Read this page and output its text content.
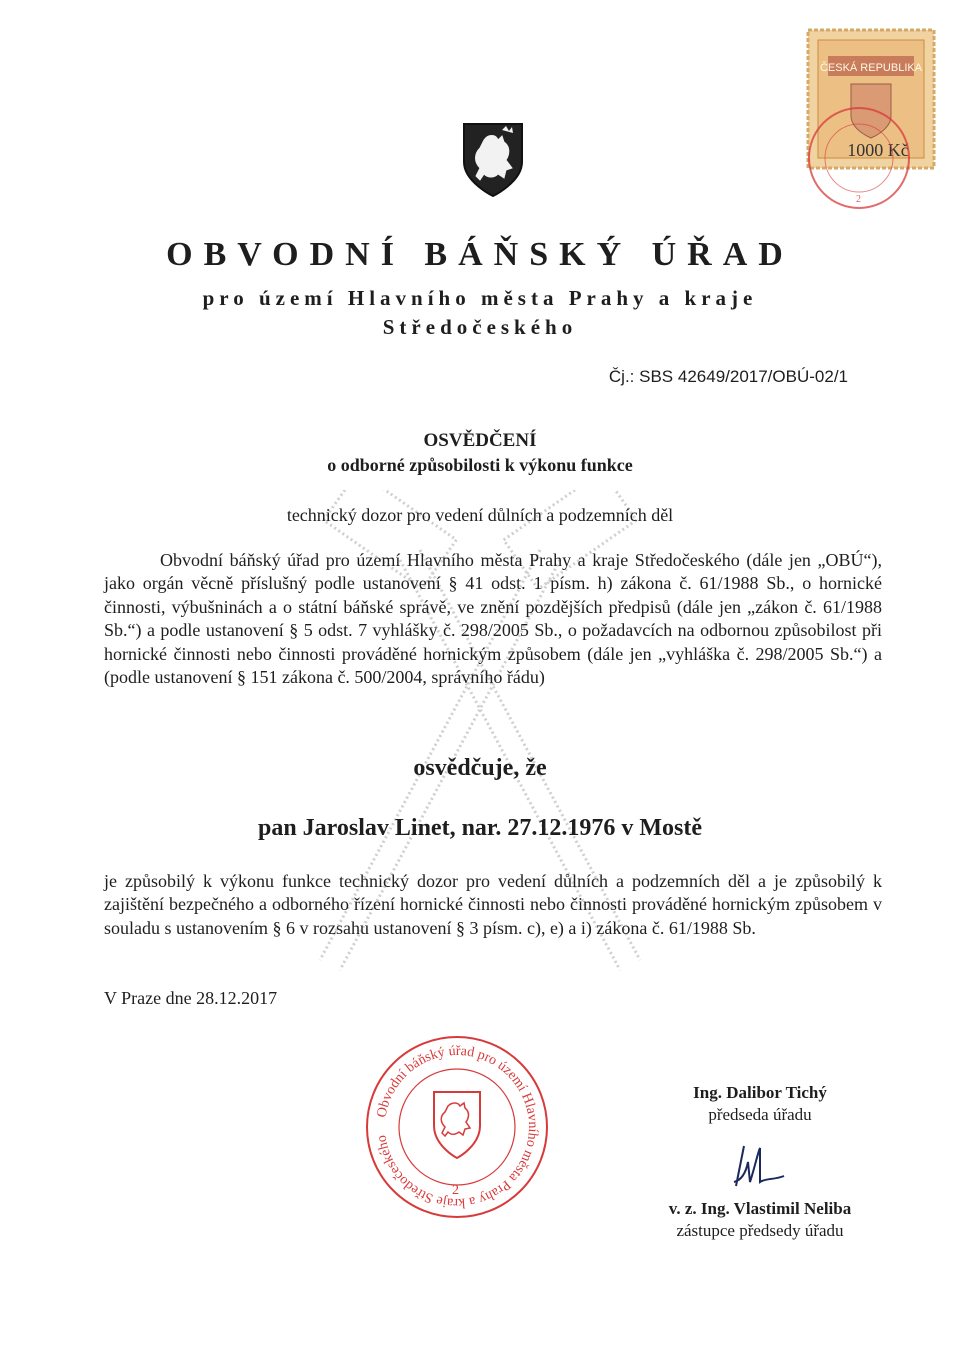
ČESKÁ REPUBLIKA
1000 Kč
2
OBVODNÍ BÁŇSKÝ ÚŘAD
pro území Hlavního města Prahy a kraje
Středočeského
Čj.: SBS 42649/2017/OBÚ-02/1
OSVĚDČENÍ
o odborné způsobilosti k výkonu funkce
technický dozor pro vedení důlních a podzemních děl
Obvodní báňský úřad pro území Hlavního města Prahy a kraje Středočeského (dále jen „OBÚ“), jako orgán věcně příslušný podle ustanovení § 41 odst. 1 písm. h) zákona č. 61/1988 Sb., o hornické činnosti, výbušninách a o státní báňské správě, ve znění pozdějších předpisů (dále jen „zákon č. 61/1988 Sb.“) a podle ustanovení § 5 odst. 7 vyhlášky č. 298/2005 Sb., o požadavcích na odbornou způsobilost při hornické činnosti nebo činnosti prováděné hornickým způsobem (dále jen „vyhláška č. 298/2005 Sb.“) a (podle ustanovení § 151 zákona č. 500/2004, správního řádu)
osvědčuje, že
pan Jaroslav Linet, nar. 27.12.1976 v Mostě
je způsobilý k výkonu funkce technický dozor pro vedení důlních a podzemních děl a je způsobilý k zajištění bezpečného a odborného řízení hornické činnosti nebo činnosti prováděné hornickým způsobem v souladu s ustanovením § 6 v rozsahu ustanovení § 3 písm. c), e) a i) zákona č. 61/1988 Sb.
V Praze dne 28.12.2017
Obvodní báňský úřad pro území Hlavního města Prahy a kraje Středočeského
2
Ing. Dalibor Tichý
předseda úřadu
v. z. Ing. Vlastimil Neliba
zástupce předsedy úřadu
